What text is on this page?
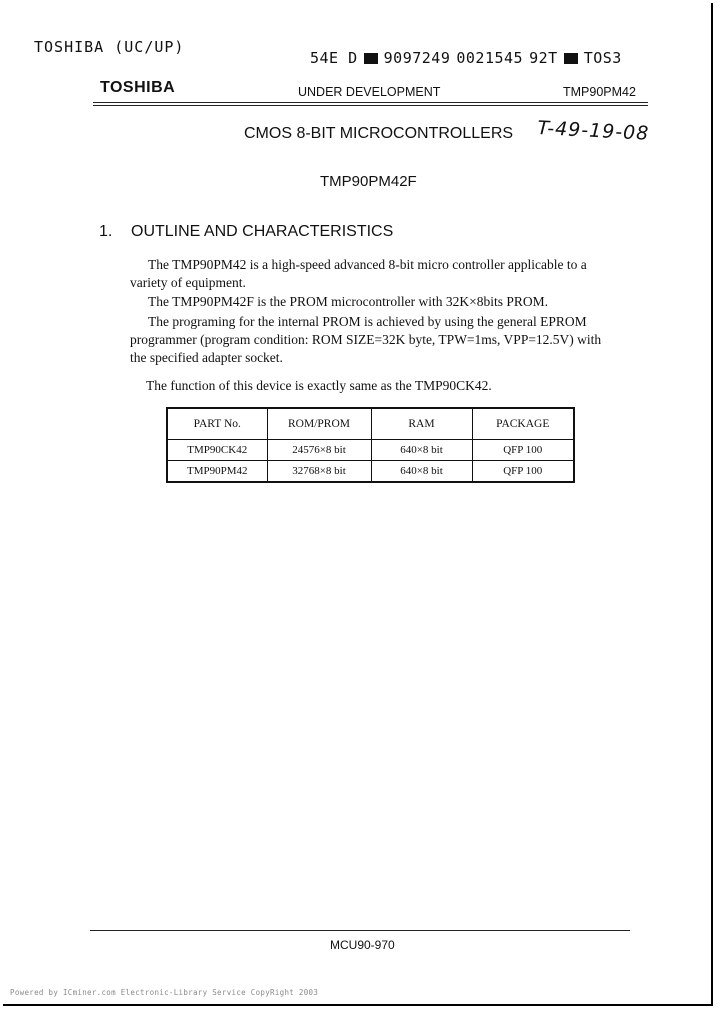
TOSHIBA (UC/UP)
54E D 9097249 0021545 92T TOS3
TOSHIBA	UNDER DEVELOPMENT	TMP90PM42
T-49-19-08
CMOS 8-BIT MICROCONTROLLERS
TMP90PM42F
1. OUTLINE AND CHARACTERISTICS
The TMP90PM42 is a high-speed advanced 8-bit micro controller applicable to a
variety of equipment.
The TMP90PM42F is the PROM microcontroller with 32K×8bits PROM.
The programing for the internal PROM is achieved by using the general EPROM
programmer (program condition: ROM SIZE=32K byte, TPW=1ms, VPP=12.5V) with
the specified adapter socket.
The function of this device is exactly same as the TMP90CK42.
PART No.	ROM/PROM	RAM	PACKAGE
TMP90CK42	24576×8 bit	640×8 bit	QFP 100
TMP90PM42	32768×8 bit	640×8 bit	QFP 100
MCU90-970
Powered by ICminer.com Electronic-Library Service CopyRight 2003
